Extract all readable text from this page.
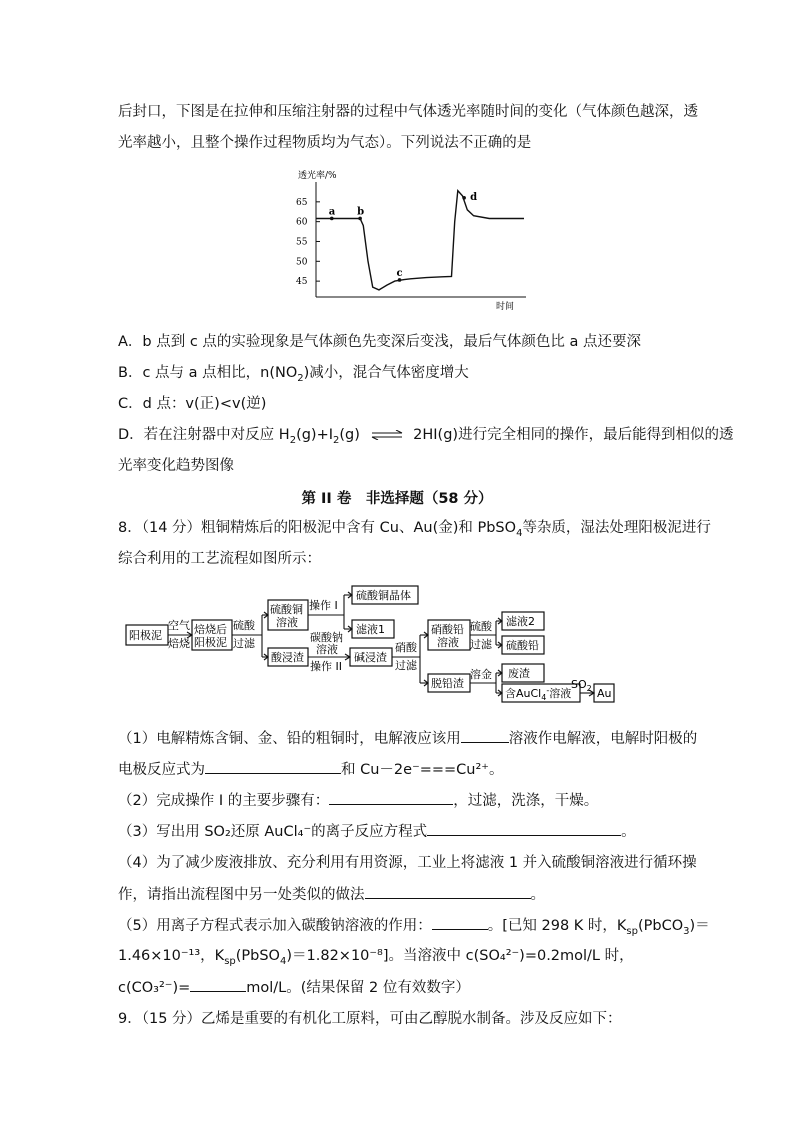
后封口，下图是在拉伸和压缩注射器的过程中气体透光率随时间的变化（气体颜色越深，透
光率越小，且整个操作过程物质均为气态）。下列说法不正确的是
透光率/%
65
60
55
50
45
a b
c
d
时间
A．b 点到 c 点的实验现象是气体颜色先变深后变浅，最后气体颜色比 a 点还要深
B．c 点与 a 点相比，$n(NO_2)$减小，混合气体密度增大
C．d 点：v(正)<v(逆)
D．若在注射器中对反应 $H_2(g)+I_2(g)$ ⇌ 2HI(g)进行完全相同的操作，最后能得到相似的透
光率变化趋势图像
第 II 卷　非选择题（58 分）
8．（14 分）粗铜精炼后的阳极泥中含有 Cu、Au(金)和 PbSO$_4$等杂质，湿法处理阳极泥进行
综合利用的工艺流程如图所示：
阳极泥	焙烧后
阳极泥
硫酸铜
溶液
硫酸铜晶体
滤液1
酸浸渣	碱浸渣
硝酸铅
溶液
滤液2
硫酸铅
脱铅渣
废渣
含AuCl$_4$-溶液 Au
空气
焙烧
硫酸
过滤
操作 I
碳酸钠
溶液
操作 II
硝酸
过滤
硫酸
过滤
溶金
$SO_2$
（1）电解精炼含铜、金、铅的粗铜时，电解液应该用	溶液作电解液，电解时阳极的
电极反应式为	和 Cu－2e⁻===Cu²⁺。
（2）完成操作 I 的主要步骤有：	，过滤，洗涤，干燥。
（3）写出用 SO₂还原 AuCl₄⁻的离子反应方程式	。
（4）为了减少废液排放、充分利用有用资源，工业上将滤液 1 并入硫酸铜溶液进行循环操
作，请指出流程图中另一处类似的做法	。
（5）用离子方程式表示加入碳酸钠溶液的作用：	。[已知 298 K 时，$K_{sp}(PbCO_3)=$
1.46×10⁻¹³，$K_{sp}(PbSO_4)=1.82\times 10^{-8}$]。当溶液中 c(SO₄²⁻)=0.2mol/L 时，
c(CO₃²⁻)=	mol/L。(结果保留 2 位有效数字）
9．（15 分）乙烯是重要的有机化工原料，可由乙醇脱水制备。涉及反应如下：
